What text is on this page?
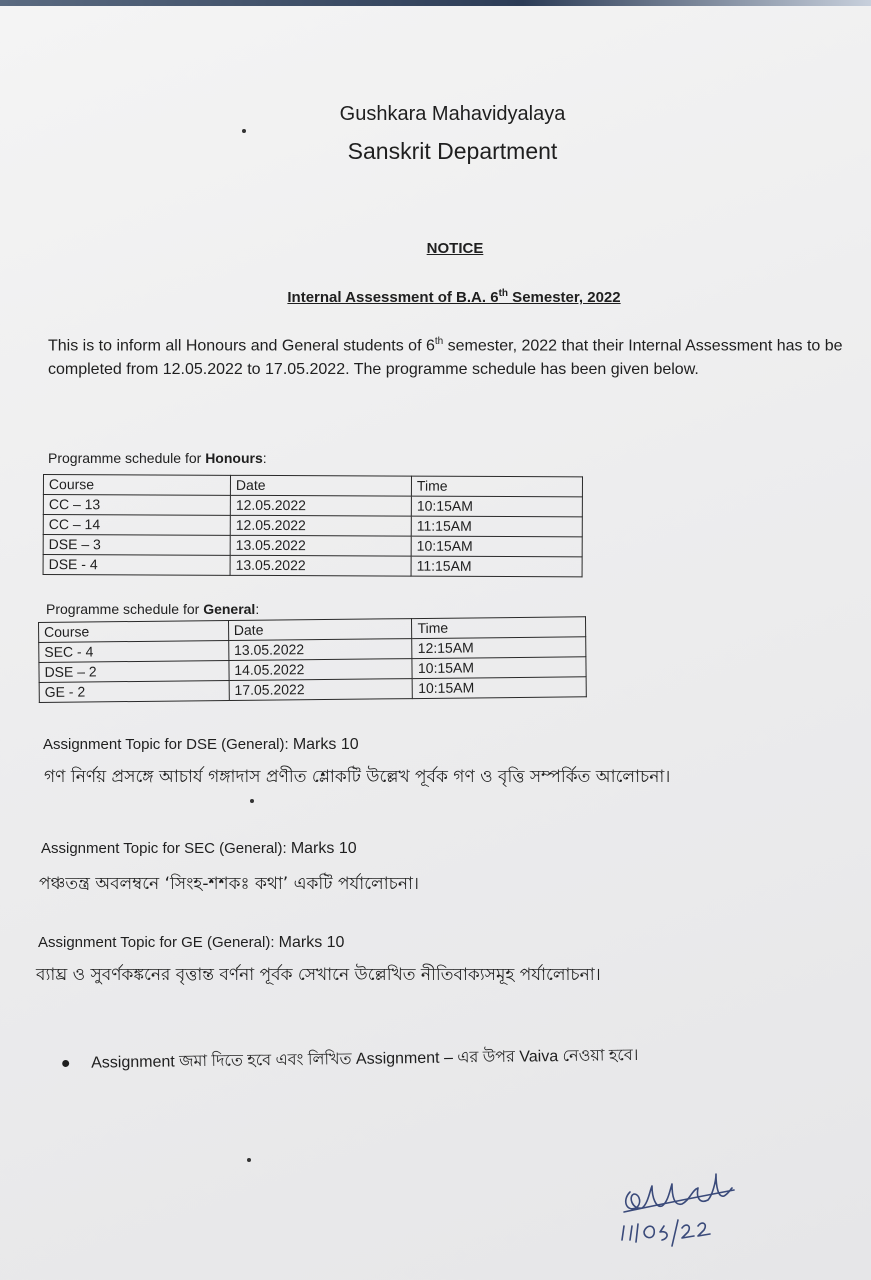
Gushkara Mahavidyalaya
Sanskrit Department
NOTICE
Internal Assessment of B.A. 6th Semester, 2022
This is to inform all Honours and General students of 6th semester, 2022 that their Internal Assessment has to be completed from 12.05.2022 to 17.05.2022. The programme schedule has been given below.
Programme schedule for Honours:
Course	Date	Time
CC – 13	12.05.2022	10:15AM
CC – 14	12.05.2022	11:15AM
DSE – 3	13.05.2022	10:15AM
DSE - 4	13.05.2022	11:15AM
Programme schedule for General:
Course	Date	Time
SEC - 4	13.05.2022	12:15AM
DSE – 2	14.05.2022	10:15AM
GE - 2	17.05.2022	10:15AM
Assignment Topic for DSE (General): Marks 10
গণ নির্ণয় প্রসঙ্গে আচার্য গঙ্গাদাস প্রণীত শ্লোকটি উল্লেখ পূর্বক গণ ও বৃত্তি সম্পর্কিত আলোচনা।
Assignment Topic for SEC (General): Marks 10
পঞ্চতন্ত্র অবলম্বনে ‘সিংহ-শশকঃ কথা’ একটি পর্যালোচনা।
Assignment Topic for GE (General): Marks 10
ব্যাঘ্র ও সুবর্ণকঙ্কনের বৃত্তান্ত বর্ণনা পূর্বক সেখানে উল্লেখিত নীতিবাক্যসমূহ পর্যালোচনা।
Assignment জমা দিতে হবে এবং লিখিত Assignment – এর উপর Vaiva নেওয়া হবে।
11/05/22
